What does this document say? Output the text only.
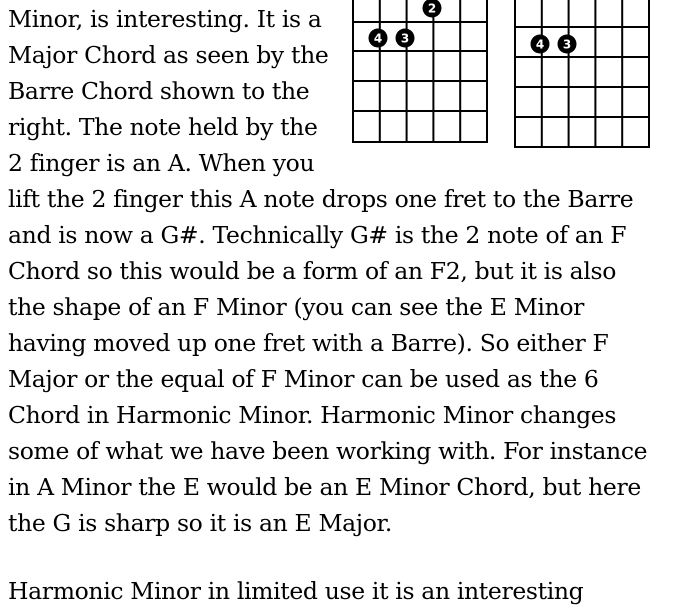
Minor, is interesting. It is a
Major Chord as seen by the
Barre Chord shown to the
right. The note held by the
2 finger is an A. When you
lift the 2 finger this A note drops one fret to the Barre
and is now a G#. Technically G# is the 2 note of an F
Chord so this would be a form of an F2, but it is also
the shape of an F Minor (you can see the E Minor
having moved up one fret with a Barre). So either F
Major or the equal of F Minor can be used as the 6
Chord in Harmonic Minor. Harmonic Minor changes
some of what we have been working with. For instance
in A Minor the E would be an E Minor Chord, but here
the G is sharp so it is an E Major.
Harmonic Minor in limited use it is an interesting
2
4 3	4 3
